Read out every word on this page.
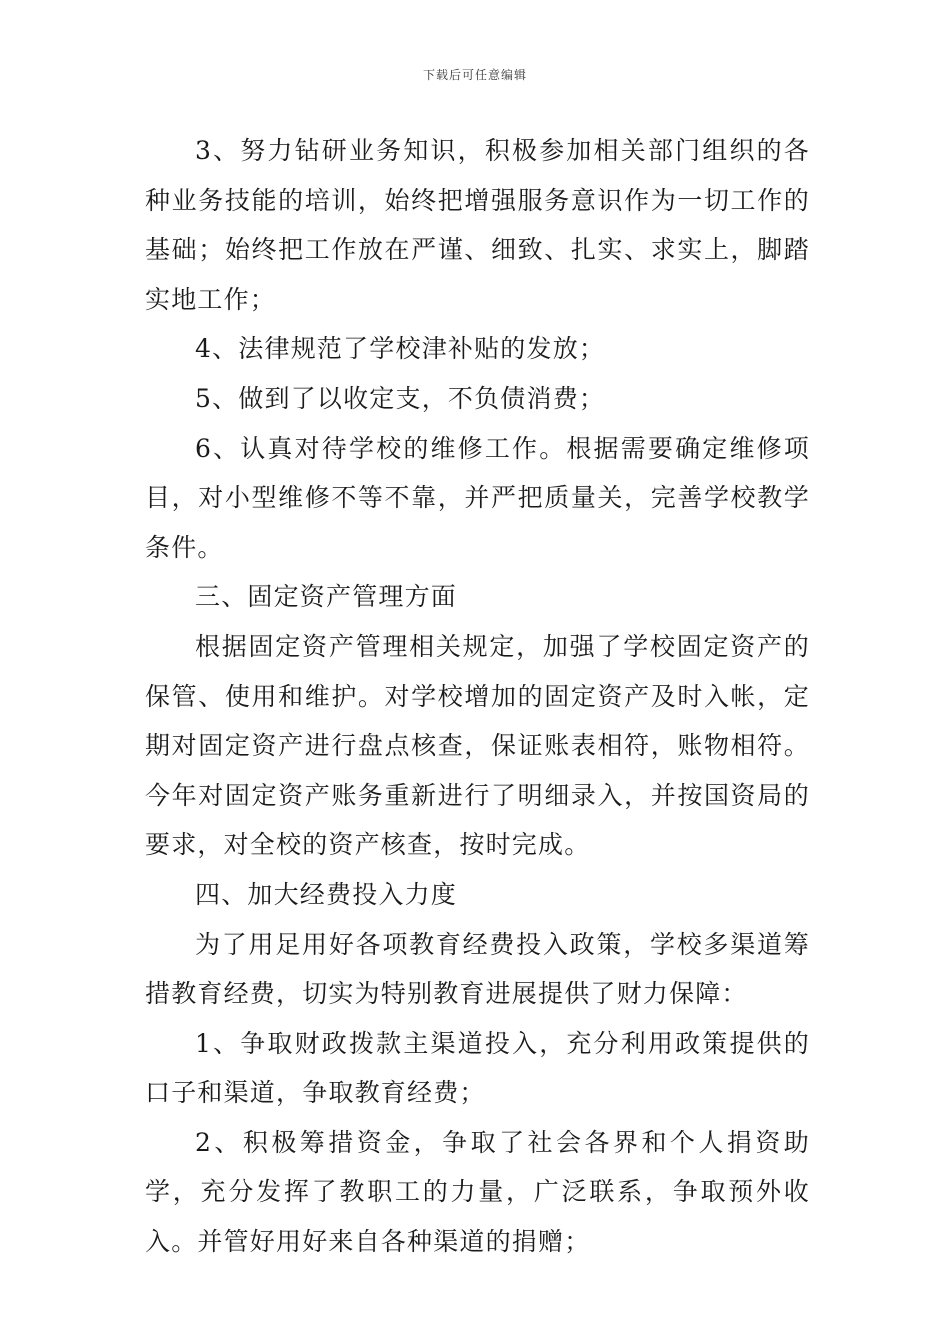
下载后可任意编辑

3、努力钻研业务知识，积极参加相关部门组织的各种业务技能的培训，始终把增强服务意识作为一切工作的基础；始终把工作放在严谨、细致、扎实、求实上，脚踏实地工作；

4、法律规范了学校津补贴的发放；

5、做到了以收定支，不负债消费；

6、认真对待学校的维修工作。根据需要确定维修项目，对小型维修不等不靠，并严把质量关，完善学校教学条件。

三、固定资产管理方面

根据固定资产管理相关规定，加强了学校固定资产的保管、使用和维护。对学校增加的固定资产及时入帐，定期对固定资产进行盘点核查，保证账表相符，账物相符。今年对固定资产账务重新进行了明细录入，并按国资局的要求，对全校的资产核查，按时完成。

四、加大经费投入力度

为了用足用好各项教育经费投入政策，学校多渠道筹措教育经费，切实为特别教育进展提供了财力保障：

1、争取财政拨款主渠道投入，充分利用政策提供的口子和渠道，争取教育经费；

2、积极筹措资金，争取了社会各界和个人捐资助学，充分发挥了教职工的力量，广泛联系，争取预外收入。并管好用好来自各种渠道的捐赠；
